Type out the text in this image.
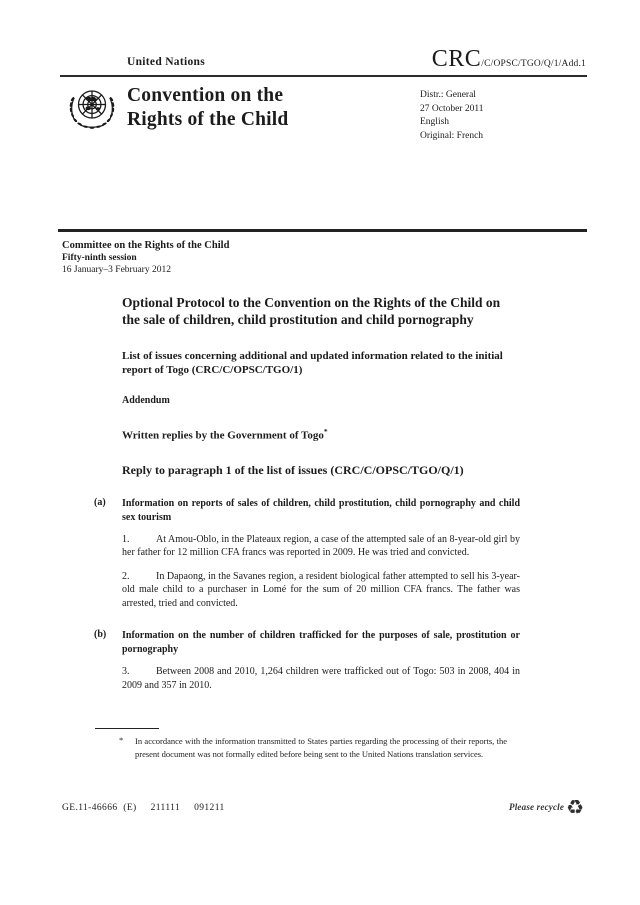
United Nations	CRC /C/OPSC/TGO/Q/1/Add.1
Convention on the
Rights of the Child
Distr.: General
27 October 2011
English
Original: French
Committee on the Rights of the Child
Fifty-ninth session
16 January–3 February 2012
Optional Protocol to the Convention on the Rights of the Child on the sale of children, child prostitution and child pornography
List of issues concerning additional and updated information related to the initial report of Togo (CRC/C/OPSC/TGO/1)
Addendum
Written replies by the Government of Togo*
Reply to paragraph 1 of the list of issues (CRC/C/OPSC/TGO/Q/1)
(a) Information on reports of sales of children, child prostitution, child pornography and child sex tourism

1.	At Amou-Oblo, in the Plateaux region, a case of the attempted sale of an 8-year-old girl by her father for 12 million CFA francs was reported in 2009. He was tried and convicted.

2.	In Dapaong, in the Savanes region, a resident biological father attempted to sell his 3-year-old male child to a purchaser in Lomé for the sum of 20 million CFA francs. The father was arrested, tried and convicted.

(b) Information on the number of children trafficked for the purposes of sale, prostitution or pornography

3.	Between 2008 and 2010, 1,264 children were trafficked out of Togo: 503 in 2008, 404 in 2009 and 357 in 2010.

* In accordance with the information transmitted to States parties regarding the processing of their reports, the present document was not formally edited before being sent to the United Nations translation services.
GE.11-46666 (E) 211111 091211	Please recycle ♻
